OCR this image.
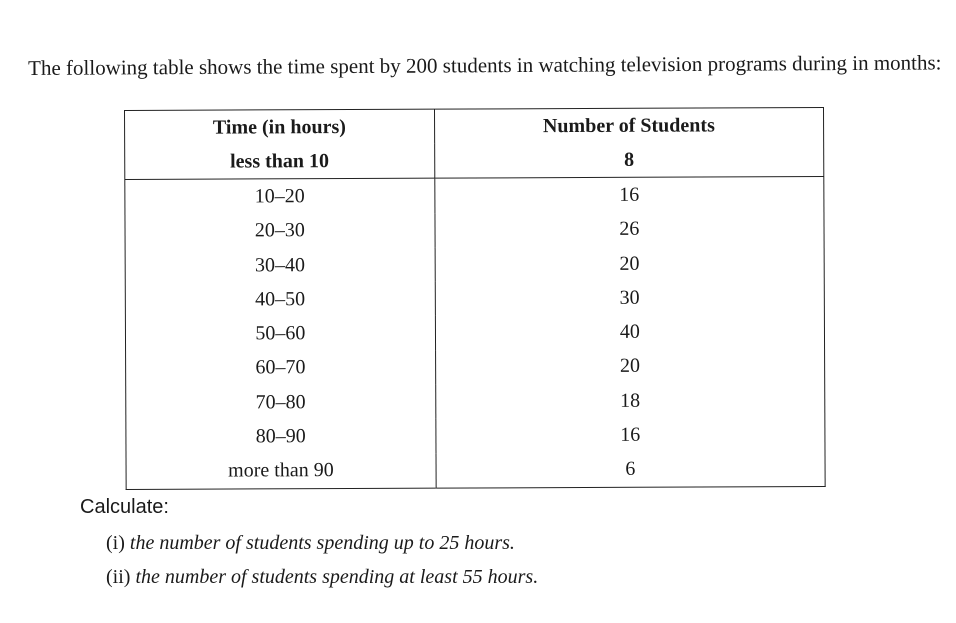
The following table shows the time spent by 200 students in watching television programs during in months:

Time (in hours)	Number of Students
less than 10	8
10–20	16
20–30	26
30–40	20
40–50	30
50–60	40
60–70	20
70–80	18
80–90	16
more than 90	6
Calculate:
(i) the number of students spending up to 25 hours.
(ii) the number of students spending at least 55 hours.
